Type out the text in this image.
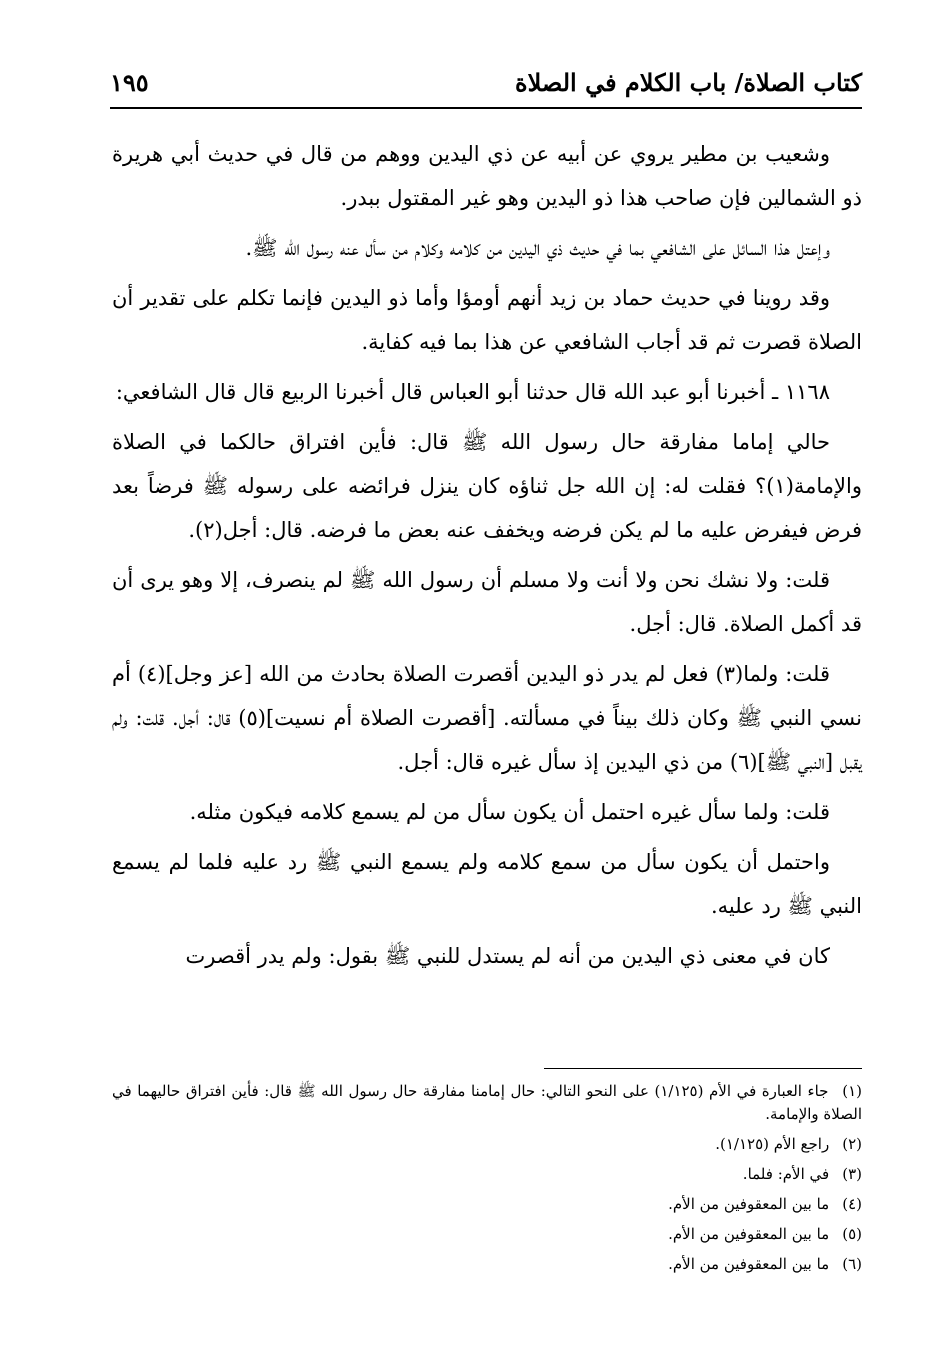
كتاب الصلاة/ باب الكلام في الصلاة
١٩٥

وشعيب بن مطير يروي عن أبيه عن ذي اليدين ووهم من قال في حديث أبي هريرة ذو الشمالين فإن صاحب هذا ذو اليدين وهو غير المقتول ببدر.

وإعتل هذا السائل على الشافعي بما في حديث ذي اليدين من كلامه وكلام من سأل عنه رسول الله ﷺ.

وقد روينا في حديث حماد بن زيد أنهم أومؤا وأما ذو اليدين فإنما تكلم على تقدير أن الصلاة قصرت ثم قد أجاب الشافعي عن هذا بما فيه كفاية.

١١٦٨ ـ أخبرنا أبو عبد الله قال حدثنا أبو العباس قال أخبرنا الربيع قال قال الشافعي:

حالي إماما مفارقة حال رسول الله ﷺ قال: فأين افتراق حالكما في الصلاة والإمامة(١)؟ فقلت له: إن الله جل ثناؤه كان ينزل فرائضه على رسوله ﷺ فرضاً بعد فرض فيفرض عليه ما لم يكن فرضه ويخفف عنه بعض ما فرضه. قال: أجل(٢).

قلت: ولا نشك نحن ولا أنت ولا مسلم أن رسول الله ﷺ لم ينصرف، إلا وهو يرى أن قد أكمل الصلاة. قال: أجل.

قلت: ولما(٣) فعل لم يدر ذو اليدين أقصرت الصلاة بحادث من الله [عز وجل](٤) أم نسي النبي ﷺ وكان ذلك بيناً في مسألته. [أقصرت الصلاة أم نسيت](٥) قال: أجل. قلت: ولم يقبل [النبي ﷺ](٦) من ذي اليدين إذ سأل غيره قال: أجل.

قلت: ولما سأل غيره احتمل أن يكون سأل من لم يسمع كلامه فيكون مثله.

واحتمل أن يكون سأل من سمع كلامه ولم يسمع النبي ﷺ رد عليه فلما لم يسمع النبي ﷺ رد عليه.

كان في معنى ذي اليدين من أنه لم يستدل للنبي ﷺ بقول: ولم يدر أقصرت

(١) جاء العبارة في الأم (١/١٢٥) على النحو التالي: حال إمامنا مفارقة حال رسول الله ﷺ قال: فأين افتراق حاليهما في الصلاة والإمامة.
(٢) راجع الأم (١/١٢٥).
(٣) في الأم: فلما.
(٤) ما بين المعقوفين من الأم.
(٥) ما بين المعقوفين من الأم.
(٦) ما بين المعقوفين من الأم.
